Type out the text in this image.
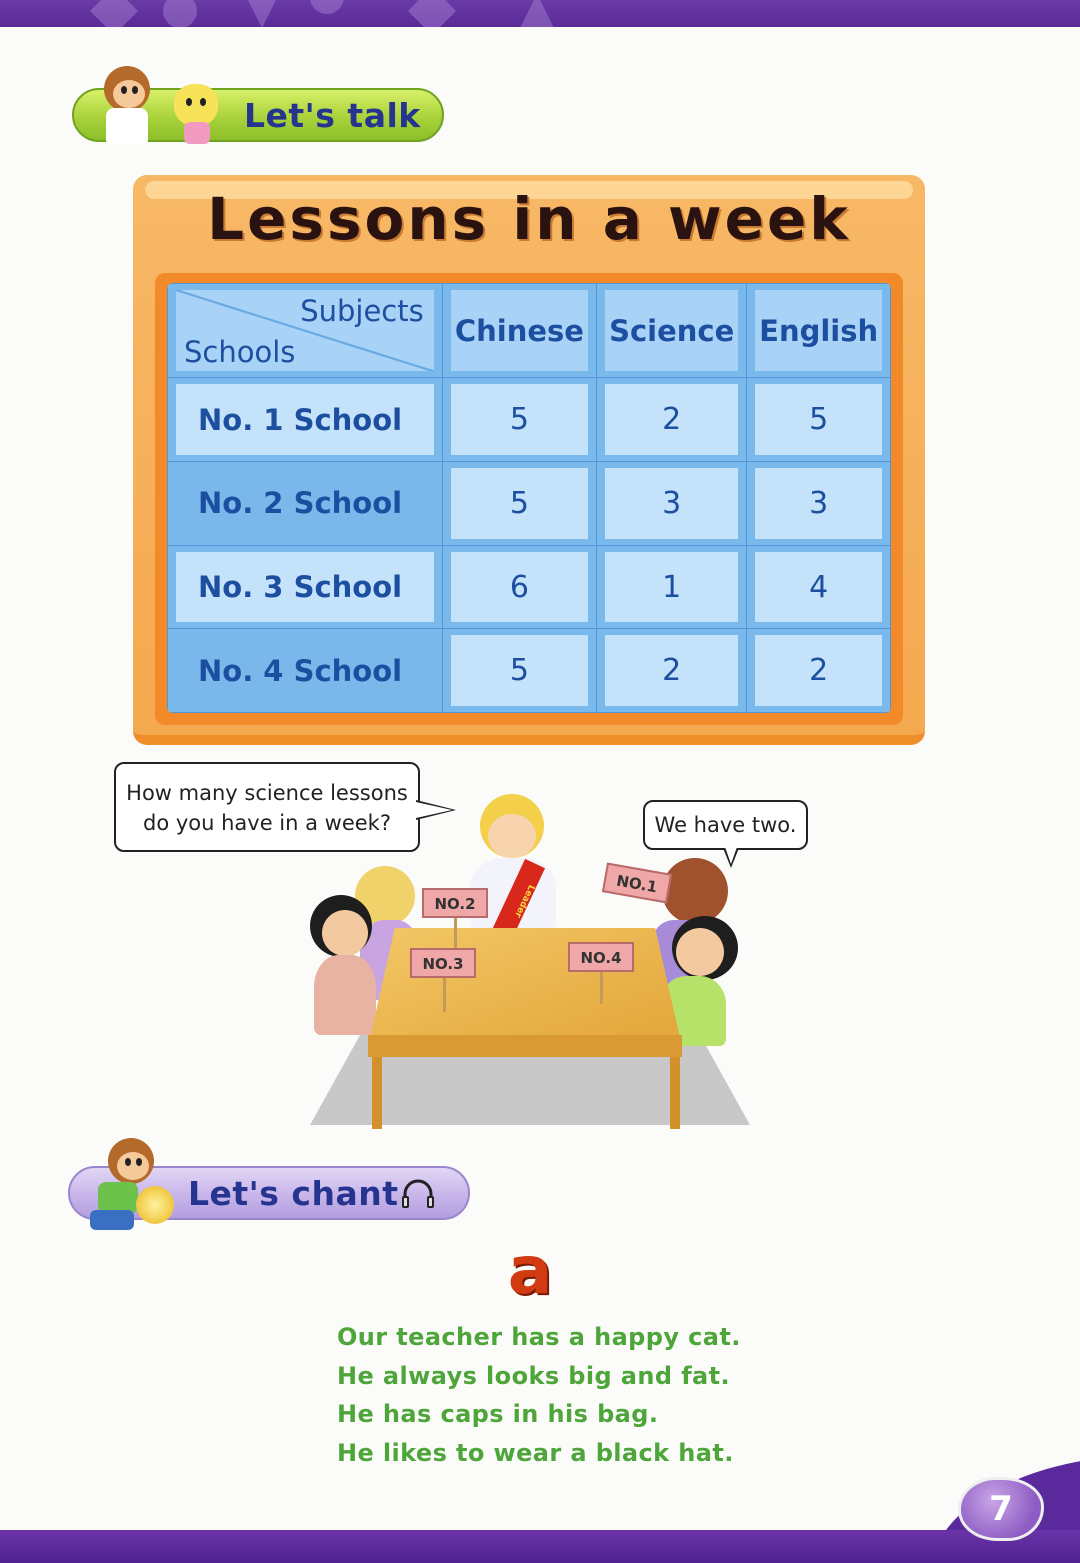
Let's talk
Lessons in a week
Subjects
Schools	Chinese	Science	English

No. 1 School	5	2	5

No. 2 School	5	3	3

No. 3 School	6	1	4

No. 4 School	5	2	2
How many science lessons
do you have in a week?	We have two.
Leader
NO.2
NO.3	NO.4
NO.1
Let's chant
a
Our teacher has a happy cat.
He always looks big and fat.
He has caps in his bag.
He likes to wear a black hat.
7
